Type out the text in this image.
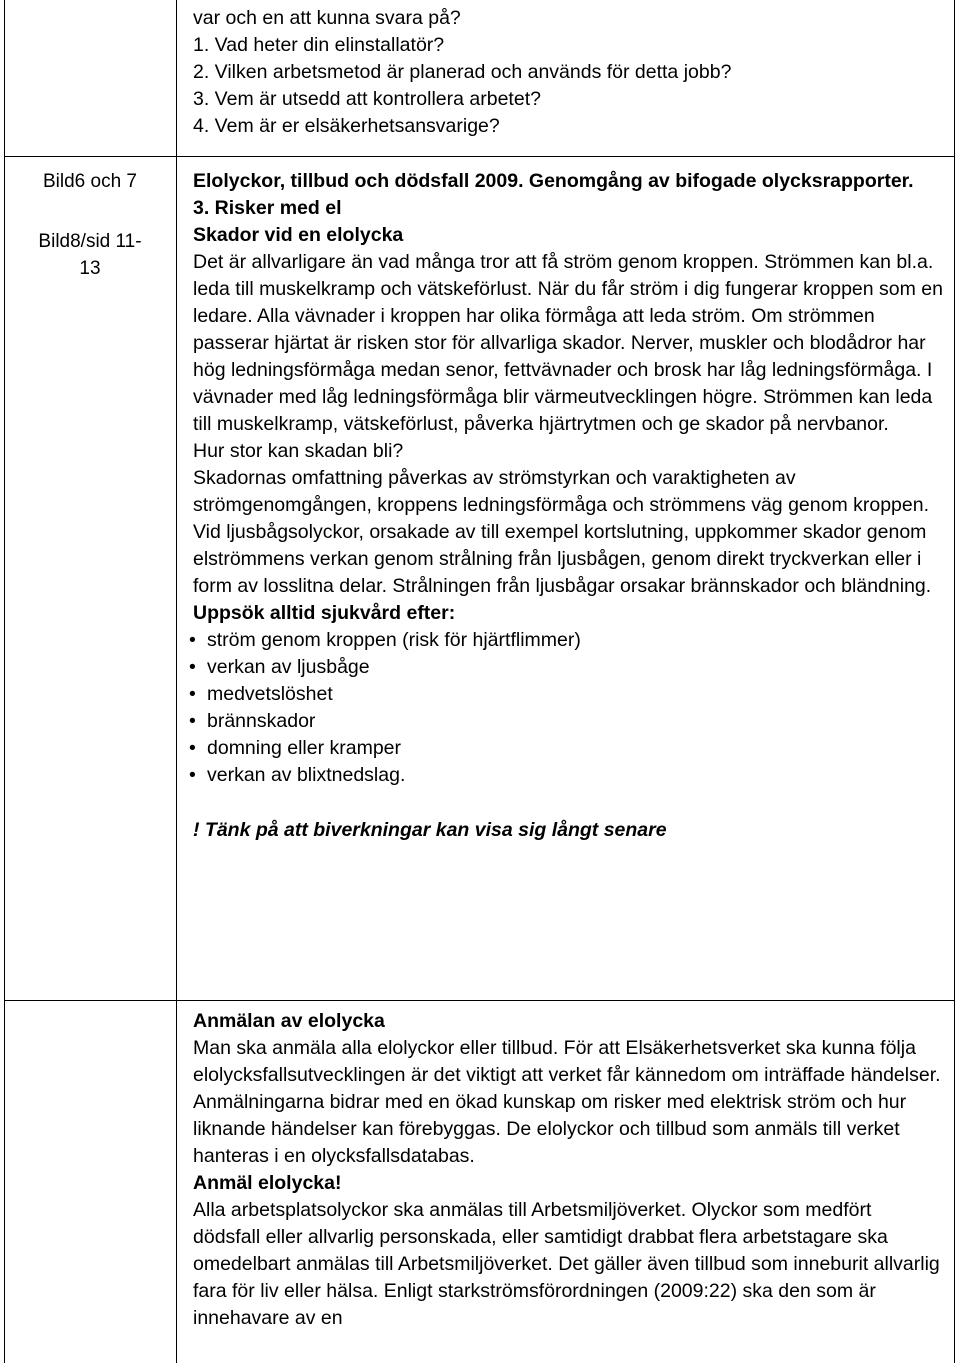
Bild6 och 7
Bild8/sid 11-
13

var och en att kunna svara på?

1. Vad heter din elinstallatör?

2. Vilken arbetsmetod är planerad och används för detta jobb?

3. Vem är utsedd att kontrollera arbetet?

4. Vem är er elsäkerhetsansvarige?

Elolyckor, tillbud och dödsfall 2009. Genomgång av bifogade olycksrapporter.

3. Risker med el

Skador vid en elolycka

Det är allvarligare än vad många tror att få ström genom kroppen. Strömmen kan bl.a. leda till muskelkramp och vätskeförlust. När du får ström i dig fungerar kroppen som en ledare. Alla vävnader i kroppen har olika förmåga att leda ström. Om strömmen passerar hjärtat är risken stor för allvarliga skador. Nerver, muskler och blodådror har hög ledningsförmåga medan senor, fettvävnader och brosk har låg ledningsförmåga. I vävnader med låg ledningsförmåga blir värmeutvecklingen högre. Strömmen kan leda till muskelkramp, vätskeförlust, påverka hjärtrytmen och ge skador på nervbanor.

Hur stor kan skadan bli?

Skadornas omfattning påverkas av strömstyrkan och varaktigheten av strömgenomgången, kroppens ledningsförmåga och strömmens väg genom kroppen.

Vid ljusbågsolyckor, orsakade av till exempel kortslutning, uppkommer skador genom elströmmens verkan genom strålning från ljusbågen, genom direkt tryckverkan eller i form av losslitna delar. Strålningen från ljusbågar orsakar brännskador och bländning.

Uppsök alltid sjukvård efter:

• ström genom kroppen (risk för hjärtflimmer)
• verkan av ljusbåge
• medvetslöshet
• brännskador
• domning eller kramper
• verkan av blixtnedslag.

! Tänk på att biverkningar kan visa sig långt senare

Anmälan av elolycka

Man ska anmäla alla elolyckor eller tillbud. För att Elsäkerhetsverket ska kunna följa elolycksfallsutvecklingen är det viktigt att verket får kännedom om inträffade händelser.

Anmälningarna bidrar med en ökad kunskap om risker med elektrisk ström och hur liknande händelser kan förebyggas. De elolyckor och tillbud som anmäls till verket hanteras i en olycksfallsdatabas.

Anmäl elolycka!

Alla arbetsplatsolyckor ska anmälas till Arbetsmiljöverket. Olyckor som medfört dödsfall eller allvarlig personskada, eller samtidigt drabbat flera arbetstagare ska omedelbart anmälas till Arbetsmiljöverket. Det gäller även tillbud som inneburit allvarlig fara för liv eller hälsa. Enligt starkströmsförordningen (2009:22) ska den som är innehavare av en
